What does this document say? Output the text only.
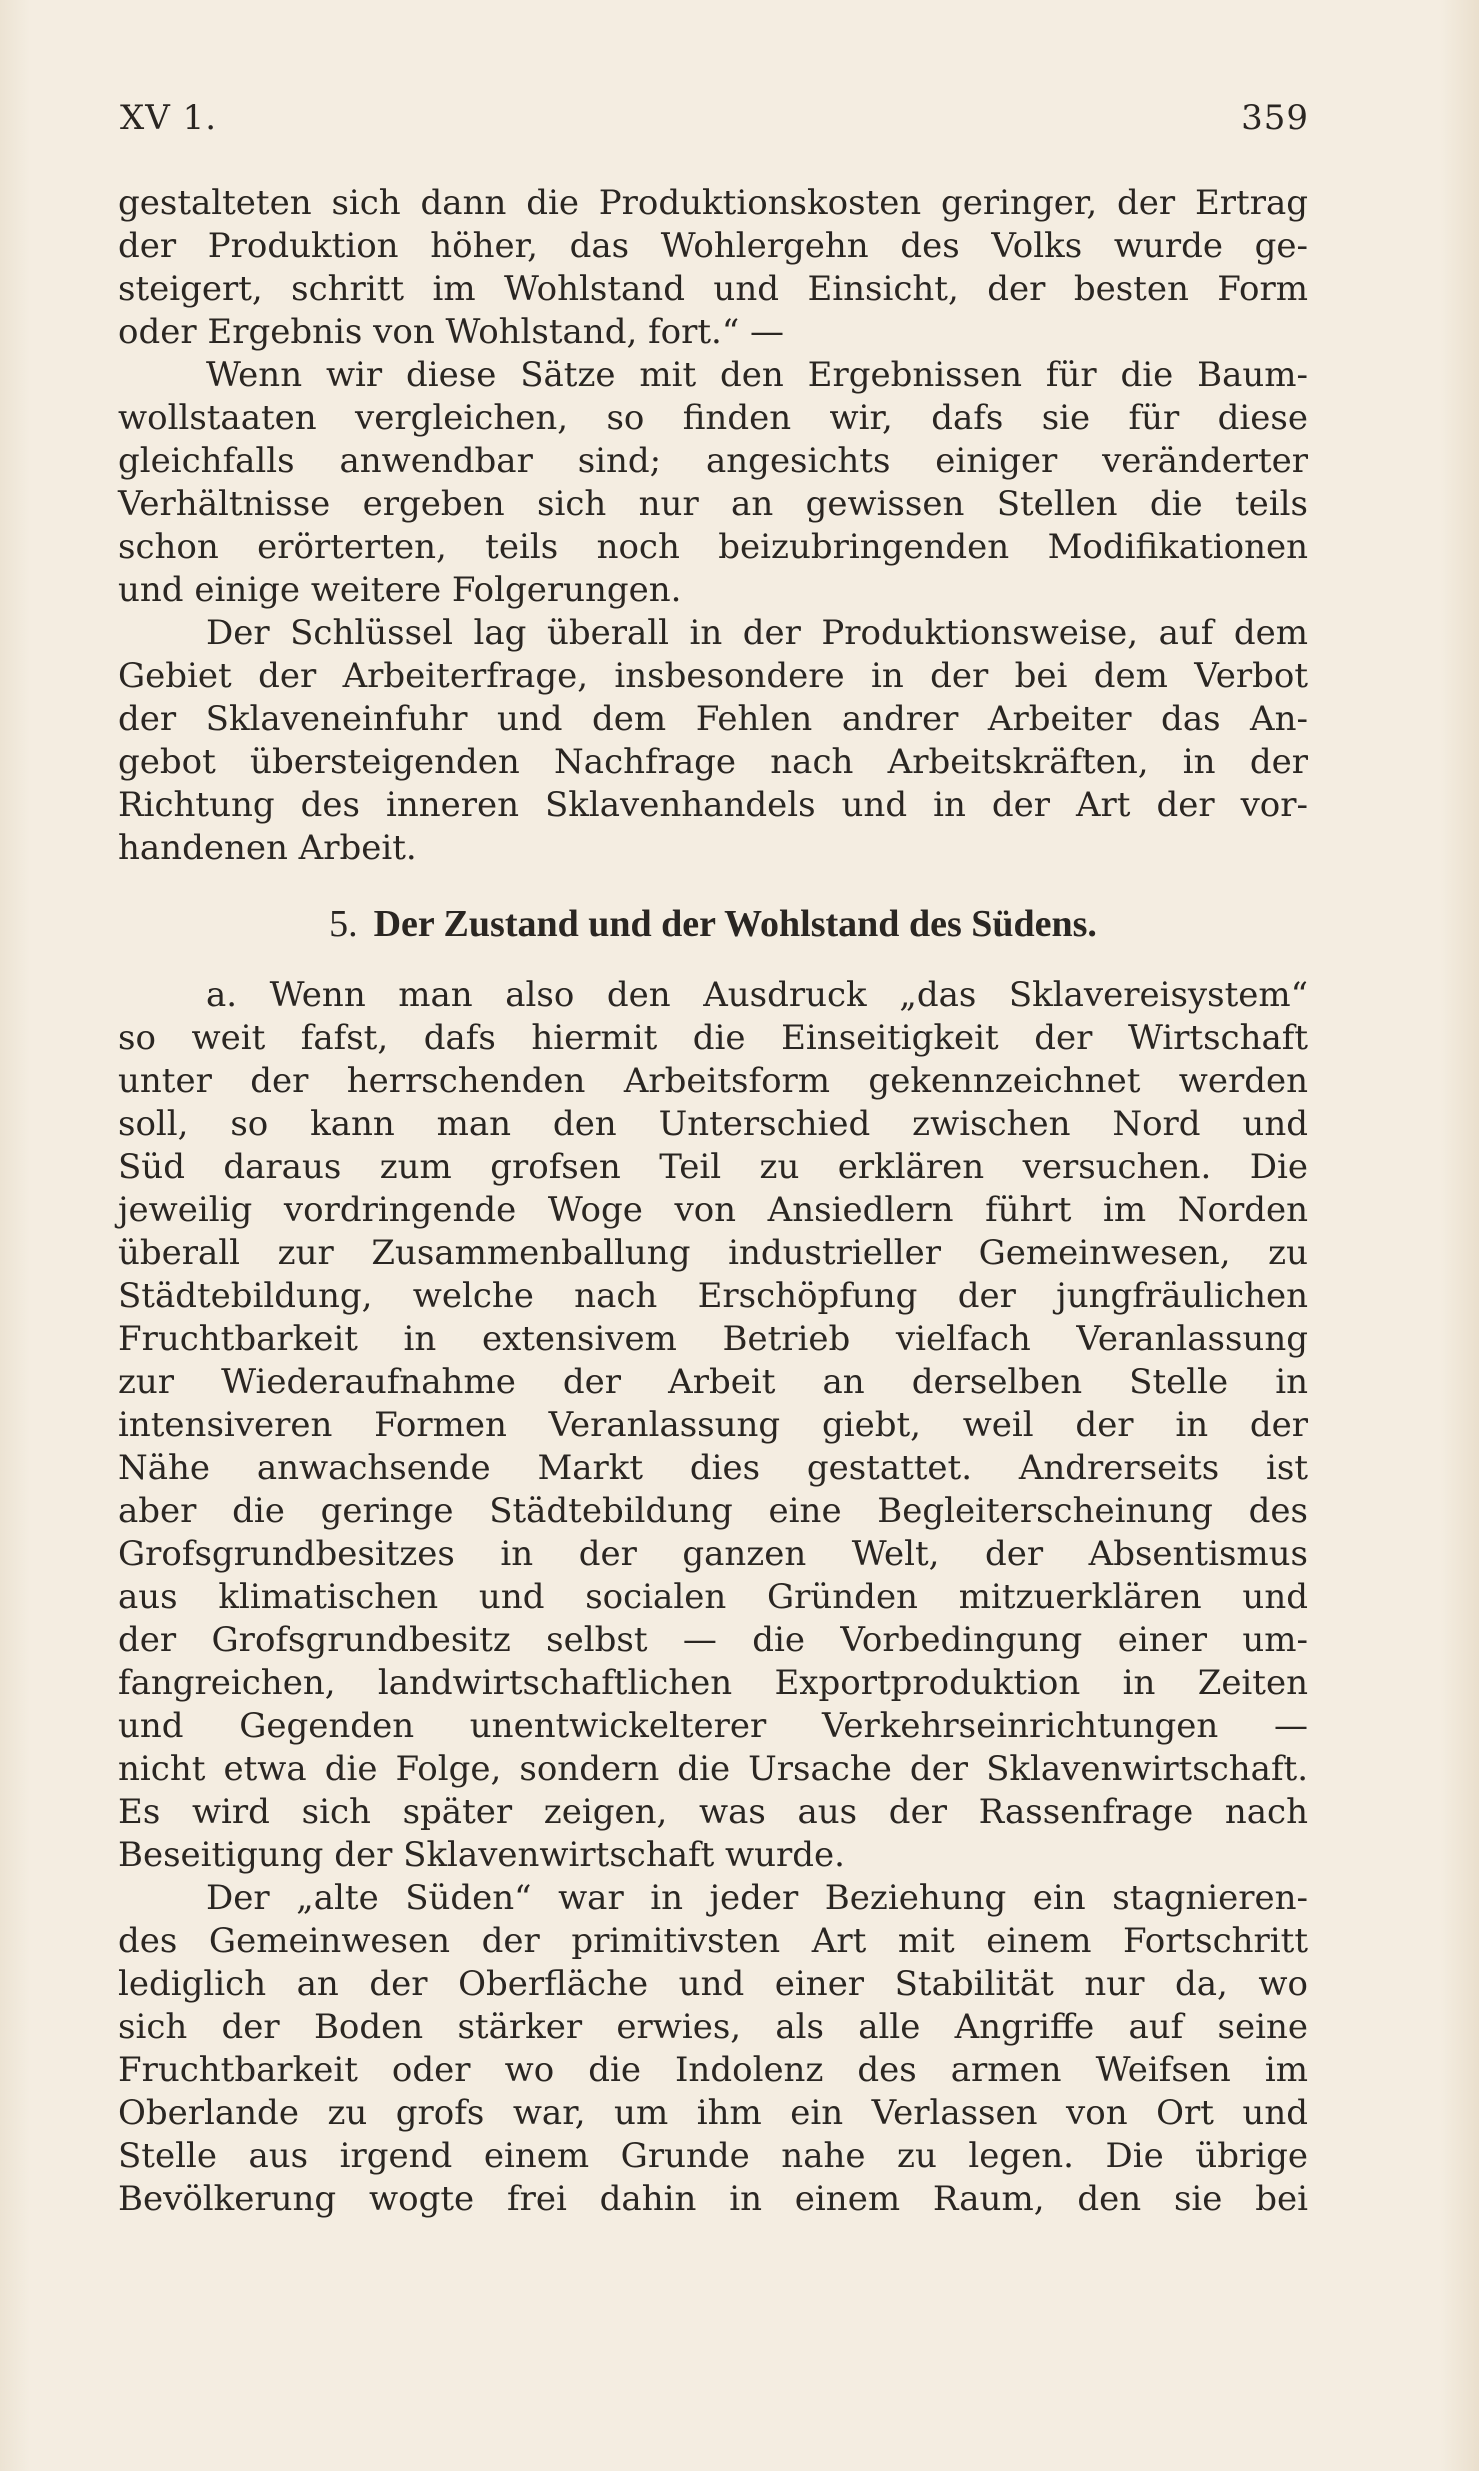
XV 1.	359
gestalteten sich dann die Produktionskosten geringer, der Ertrag
der Produktion höher, das Wohlergehn des Volks wurde ge-
steigert, schritt im Wohlstand und Einsicht, der besten Form
oder Ergebnis von Wohlstand, fort.“ —
Wenn wir diese Sätze mit den Ergebnissen für die Baum-
wollstaaten vergleichen, so finden wir, dafs sie für diese
gleichfalls anwendbar sind; angesichts einiger veränderter
Verhältnisse ergeben sich nur an gewissen Stellen die teils
schon erörterten, teils noch beizubringenden Modifikationen
und einige weitere Folgerungen.
Der Schlüssel lag überall in der Produktionsweise, auf dem
Gebiet der Arbeiterfrage, insbesondere in der bei dem Verbot
der Sklaveneinfuhr und dem Fehlen andrer Arbeiter das An-
gebot übersteigenden Nachfrage nach Arbeitskräften, in der
Richtung des inneren Sklavenhandels und in der Art der vor-
handenen Arbeit.
5. Der Zustand und der Wohlstand des Südens.
a. Wenn man also den Ausdruck „das Sklavereisystem“
so weit fafst, dafs hiermit die Einseitigkeit der Wirtschaft
unter der herrschenden Arbeitsform gekennzeichnet werden
soll, so kann man den Unterschied zwischen Nord und
Süd daraus zum grofsen Teil zu erklären versuchen. Die
jeweilig vordringende Woge von Ansiedlern führt im Norden
überall zur Zusammenballung industrieller Gemeinwesen, zu
Städtebildung, welche nach Erschöpfung der jungfräulichen
Fruchtbarkeit in extensivem Betrieb vielfach Veranlassung
zur Wiederaufnahme der Arbeit an derselben Stelle in
intensiveren Formen Veranlassung giebt, weil der in der
Nähe anwachsende Markt dies gestattet. Andrerseits ist
aber die geringe Städtebildung eine Begleiterscheinung des
Grofsgrundbesitzes in der ganzen Welt, der Absentismus
aus klimatischen und socialen Gründen mitzuerklären und
der Grofsgrundbesitz selbst — die Vorbedingung einer um-
fangreichen, landwirtschaftlichen Exportproduktion in Zeiten
und Gegenden unentwickelterer Verkehrseinrichtungen —
nicht etwa die Folge, sondern die Ursache der Sklavenwirtschaft.
Es wird sich später zeigen, was aus der Rassenfrage nach
Beseitigung der Sklavenwirtschaft wurde.
Der „alte Süden“ war in jeder Beziehung ein stagnieren-
des Gemeinwesen der primitivsten Art mit einem Fortschritt
lediglich an der Oberfläche und einer Stabilität nur da, wo
sich der Boden stärker erwies, als alle Angriffe auf seine
Fruchtbarkeit oder wo die Indolenz des armen Weifsen im
Oberlande zu grofs war, um ihm ein Verlassen von Ort und
Stelle aus irgend einem Grunde nahe zu legen. Die übrige
Bevölkerung wogte frei dahin in einem Raum, den sie bei
